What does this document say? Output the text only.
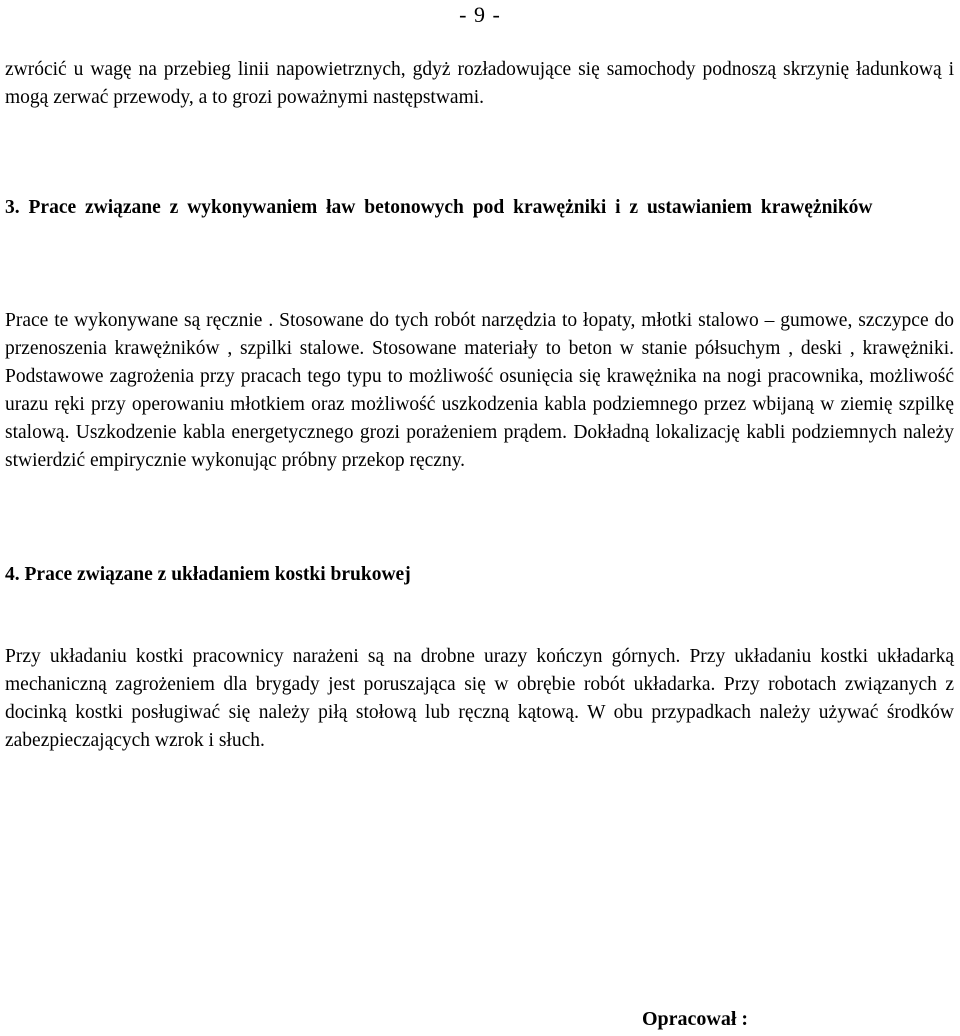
- 9 -

zwrócić u wagę na przebieg linii napowietrznych, gdyż rozładowujące się samochody podnoszą skrzynię ładunkową i mogą zerwać przewody, a to grozi poważnymi następstwami.

3. Prace związane z wykonywaniem ław betonowych pod krawężniki i z ustawianiem krawężników

Prace te wykonywane są ręcznie . Stosowane do tych robót narzędzia to łopaty, młotki stalowo – gumowe, szczypce do przenoszenia krawężników , szpilki stalowe. Stosowane materiały to beton w stanie półsuchym , deski , krawężniki. Podstawowe zagrożenia przy pracach tego typu to możliwość osunięcia się krawężnika na nogi pracownika, możliwość urazu ręki przy operowaniu młotkiem oraz możliwość uszkodzenia kabla podziemnego przez wbijaną w ziemię szpilkę stalową. Uszkodzenie kabla energetycznego grozi porażeniem prądem. Dokładną lokalizację kabli podziemnych należy stwierdzić empirycznie wykonując próbny przekop ręczny.

4. Prace związane z układaniem kostki brukowej

Przy układaniu kostki pracownicy narażeni są na drobne urazy kończyn górnych. Przy układaniu kostki układarką mechaniczną zagrożeniem dla brygady jest poruszająca się w obrębie robót układarka. Przy robotach związanych z docinką kostki posługiwać się należy piłą stołową lub ręczną kątową. W obu przypadkach należy używać środków zabezpieczających wzrok i słuch.

Opracował :
